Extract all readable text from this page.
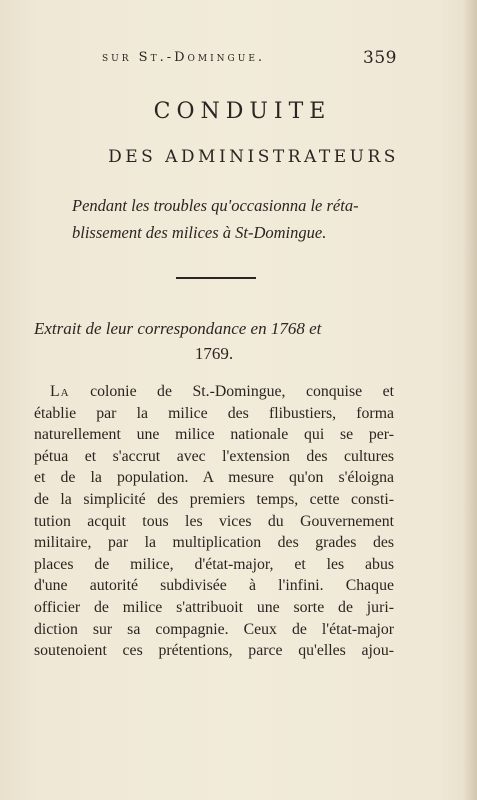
sur St.-Domingue.	359
CONDUITE
DES ADMINISTRATEURS
Pendant les troubles qu'occasionna le réta-
blissement des milices à St-Domingue.
Extrait de leur correspondance en 1768 et
1769.
La colonie de St.-Domingue, conquise et
établie par la milice des flibustiers, forma
naturellement une milice nationale qui se per-
pétua et s'accrut avec l'extension des cultures
et de la population. A mesure qu'on s'éloigna
de la simplicité des premiers temps, cette consti-
tution acquit tous les vices du Gouvernement
militaire, par la multiplication des grades des
places de milice, d'état-major, et les abus
d'une autorité subdivisée à l'infini. Chaque
officier de milice s'attribuoit une sorte de juri-
diction sur sa compagnie. Ceux de l'état-major
soutenoient ces prétentions, parce qu'elles ajou-
